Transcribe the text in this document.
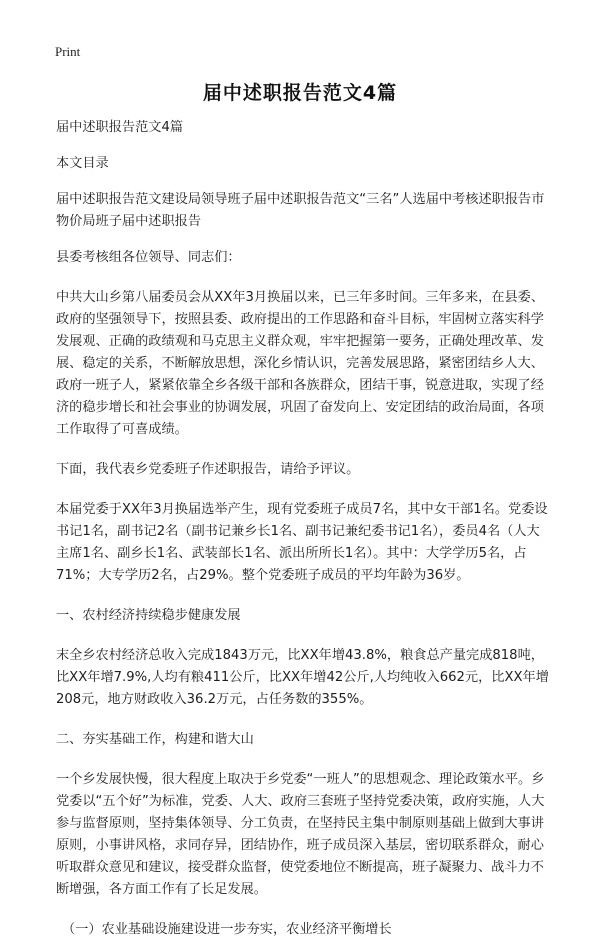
Print
届中述职报告范文4篇

届中述职报告范文4篇

本文目录

届中述职报告范文建设局领导班子届中述职报告范文“三名”人选届中考核述职报告市物价局班子届中述职报告

县委考核组各位领导、同志们：

中共大山乡第八届委员会从XX年3月换届以来，已三年多时间。三年多来，在县委、政府的坚强领导下，按照县委、政府提出的工作思路和奋斗目标，牢固树立落实科学发展观、正确的政绩观和马克思主义群众观，牢牢把握第一要务，正确处理改革、发展、稳定的关系，不断解放思想，深化乡情认识，完善发展思路，紧密团结乡人大、政府一班子人，紧紧依靠全乡各级干部和各族群众，团结干事，锐意进取，实现了经济的稳步增长和社会事业的协调发展，巩固了奋发向上、安定团结的政治局面，各项工作取得了可喜成绩。

下面，我代表乡党委班子作述职报告，请给予评议。

本届党委于XX年3月换届选举产生，现有党委班子成员7名，其中女干部1名。党委设书记1名，副书记2名（副书记兼乡长1名、副书记兼纪委书记1名），委员4名（人大主席1名、副乡长1名、武装部长1名、派出所所长1名）。其中：大学学历5名，占71%；大专学历2名，占29%。整个党委班子成员的平均年龄为36岁。

一、农村经济持续稳步健康发展

末全乡农村经济总收入完成1843万元，比XX年增43.8%，粮食总产量完成818吨，比XX年增7.9%,人均有粮411公斤，比XX年增42公斤,人均纯收入662元，比XX年增208元，地方财政收入36.2万元，占任务数的355%。

二、夯实基础工作，构建和谐大山

一个乡发展快慢，很大程度上取决于乡党委“一班人”的思想观念、理论政策水平。乡党委以“五个好”为标准，党委、人大、政府三套班子坚持党委决策，政府实施，人大参与监督原则，坚持集体领导、分工负责，在坚持民主集中制原则基础上做到大事讲原则，小事讲风格，求同存异，团结协作，班子成员深入基层，密切联系群众，耐心听取群众意见和建议，接受群众监督，使党委地位不断提高，班子凝聚力、战斗力不断增强，各方面工作有了长足发展。

（一）农业基础设施建设进一步夯实，农业经济平衡增长
